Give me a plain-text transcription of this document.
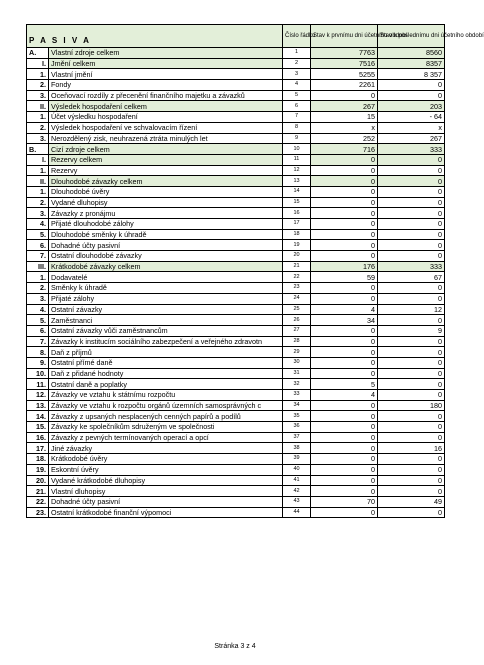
P A S I V A		Číslo řádku	Stav k prvnímu dni účetního období	Stav k poslednímu dni účetního období
A.	Vlastní zdroje celkem	1	7763	8560
I.	Jmění celkem	2	7516	8357
1.	Vlastní jmění	3	5255	8 357
2.	Fondy	4	2261	0
3.	Oceňovací rozdíly z přecenění finančního majetku a závazků	5	0	0
II.	Výsledek hospodaření celkem	6	267	203
1.	Účet výsledku hospodaření	7	15	- 64
2.	Výsledek hospodaření ve schvalovacím řízení	8	x	x
3.	Nerozdělený zisk, neuhrazená ztráta minulých let	9	252	267
B.	Cizí zdroje celkem	10	716	333
I.	Rezervy celkem	11	0	0
1.	Rezervy	12	0	0
II.	Dlouhodobé závazky celkem	13	0	0
1.	Dlouhodobé úvěry	14	0	0
2.	Vydané dluhopisy	15	0	0
3.	Závazky z pronájmu	16	0	0
4.	Přijaté dlouhodobé zálohy	17	0	0
5.	Dlouhodobé směnky k úhradě	18	0	0
6.	Dohadné účty pasivní	19	0	0
7.	Ostatní dlouhodobé závazky	20	0	0
III.	Krátkodobé závazky celkem	21	176	333
1.	Dodavatelé	22	59	67
2.	Směnky k úhradě	23	0	0
3.	Přijaté zálohy	24	0	0
4.	Ostatní závazky	25	4	12
5.	Zaměstnanci	26	34	0
6.	Ostatní závazky vůči zaměstnancům	27	0	9
7.	Závazky k institucím sociálního zabezpečení a veřejného zdravotn	28	0	0
8.	Daň z příjmů	29	0	0
9.	Ostatní přímé daně	30	0	0
10.	Daň z přidané hodnoty	31	0	0
11.	Ostatní daně a poplatky	32	5	0
12.	Závazky ve vztahu k státnímu rozpočtu	33	4	0
13.	Závazky ve vztahu k rozpočtu orgánů územních samosprávných c	34	0	180
14.	Závazky z upsaných nesplacených cenných papírů a podílů	35	0	0
15.	Závazky ke společníkům sdruženým ve společnosti	36	0	0
16.	Závazky z pevných termínovaných operací a opcí	37	0	0
17.	Jiné závazky	38	0	16
18.	Krátkodobé úvěry	39	0	0
19.	Eskontní úvěry	40	0	0
20.	Vydané krátkodobé dluhopisy	41	0	0
21.	Vlastní dluhopisy	42	0	0
22.	Dohadné účty pasivní	43	70	49
23.	Ostatní krátkodobé finanční výpomoci	44	0	0
Stránka 3 z 4
